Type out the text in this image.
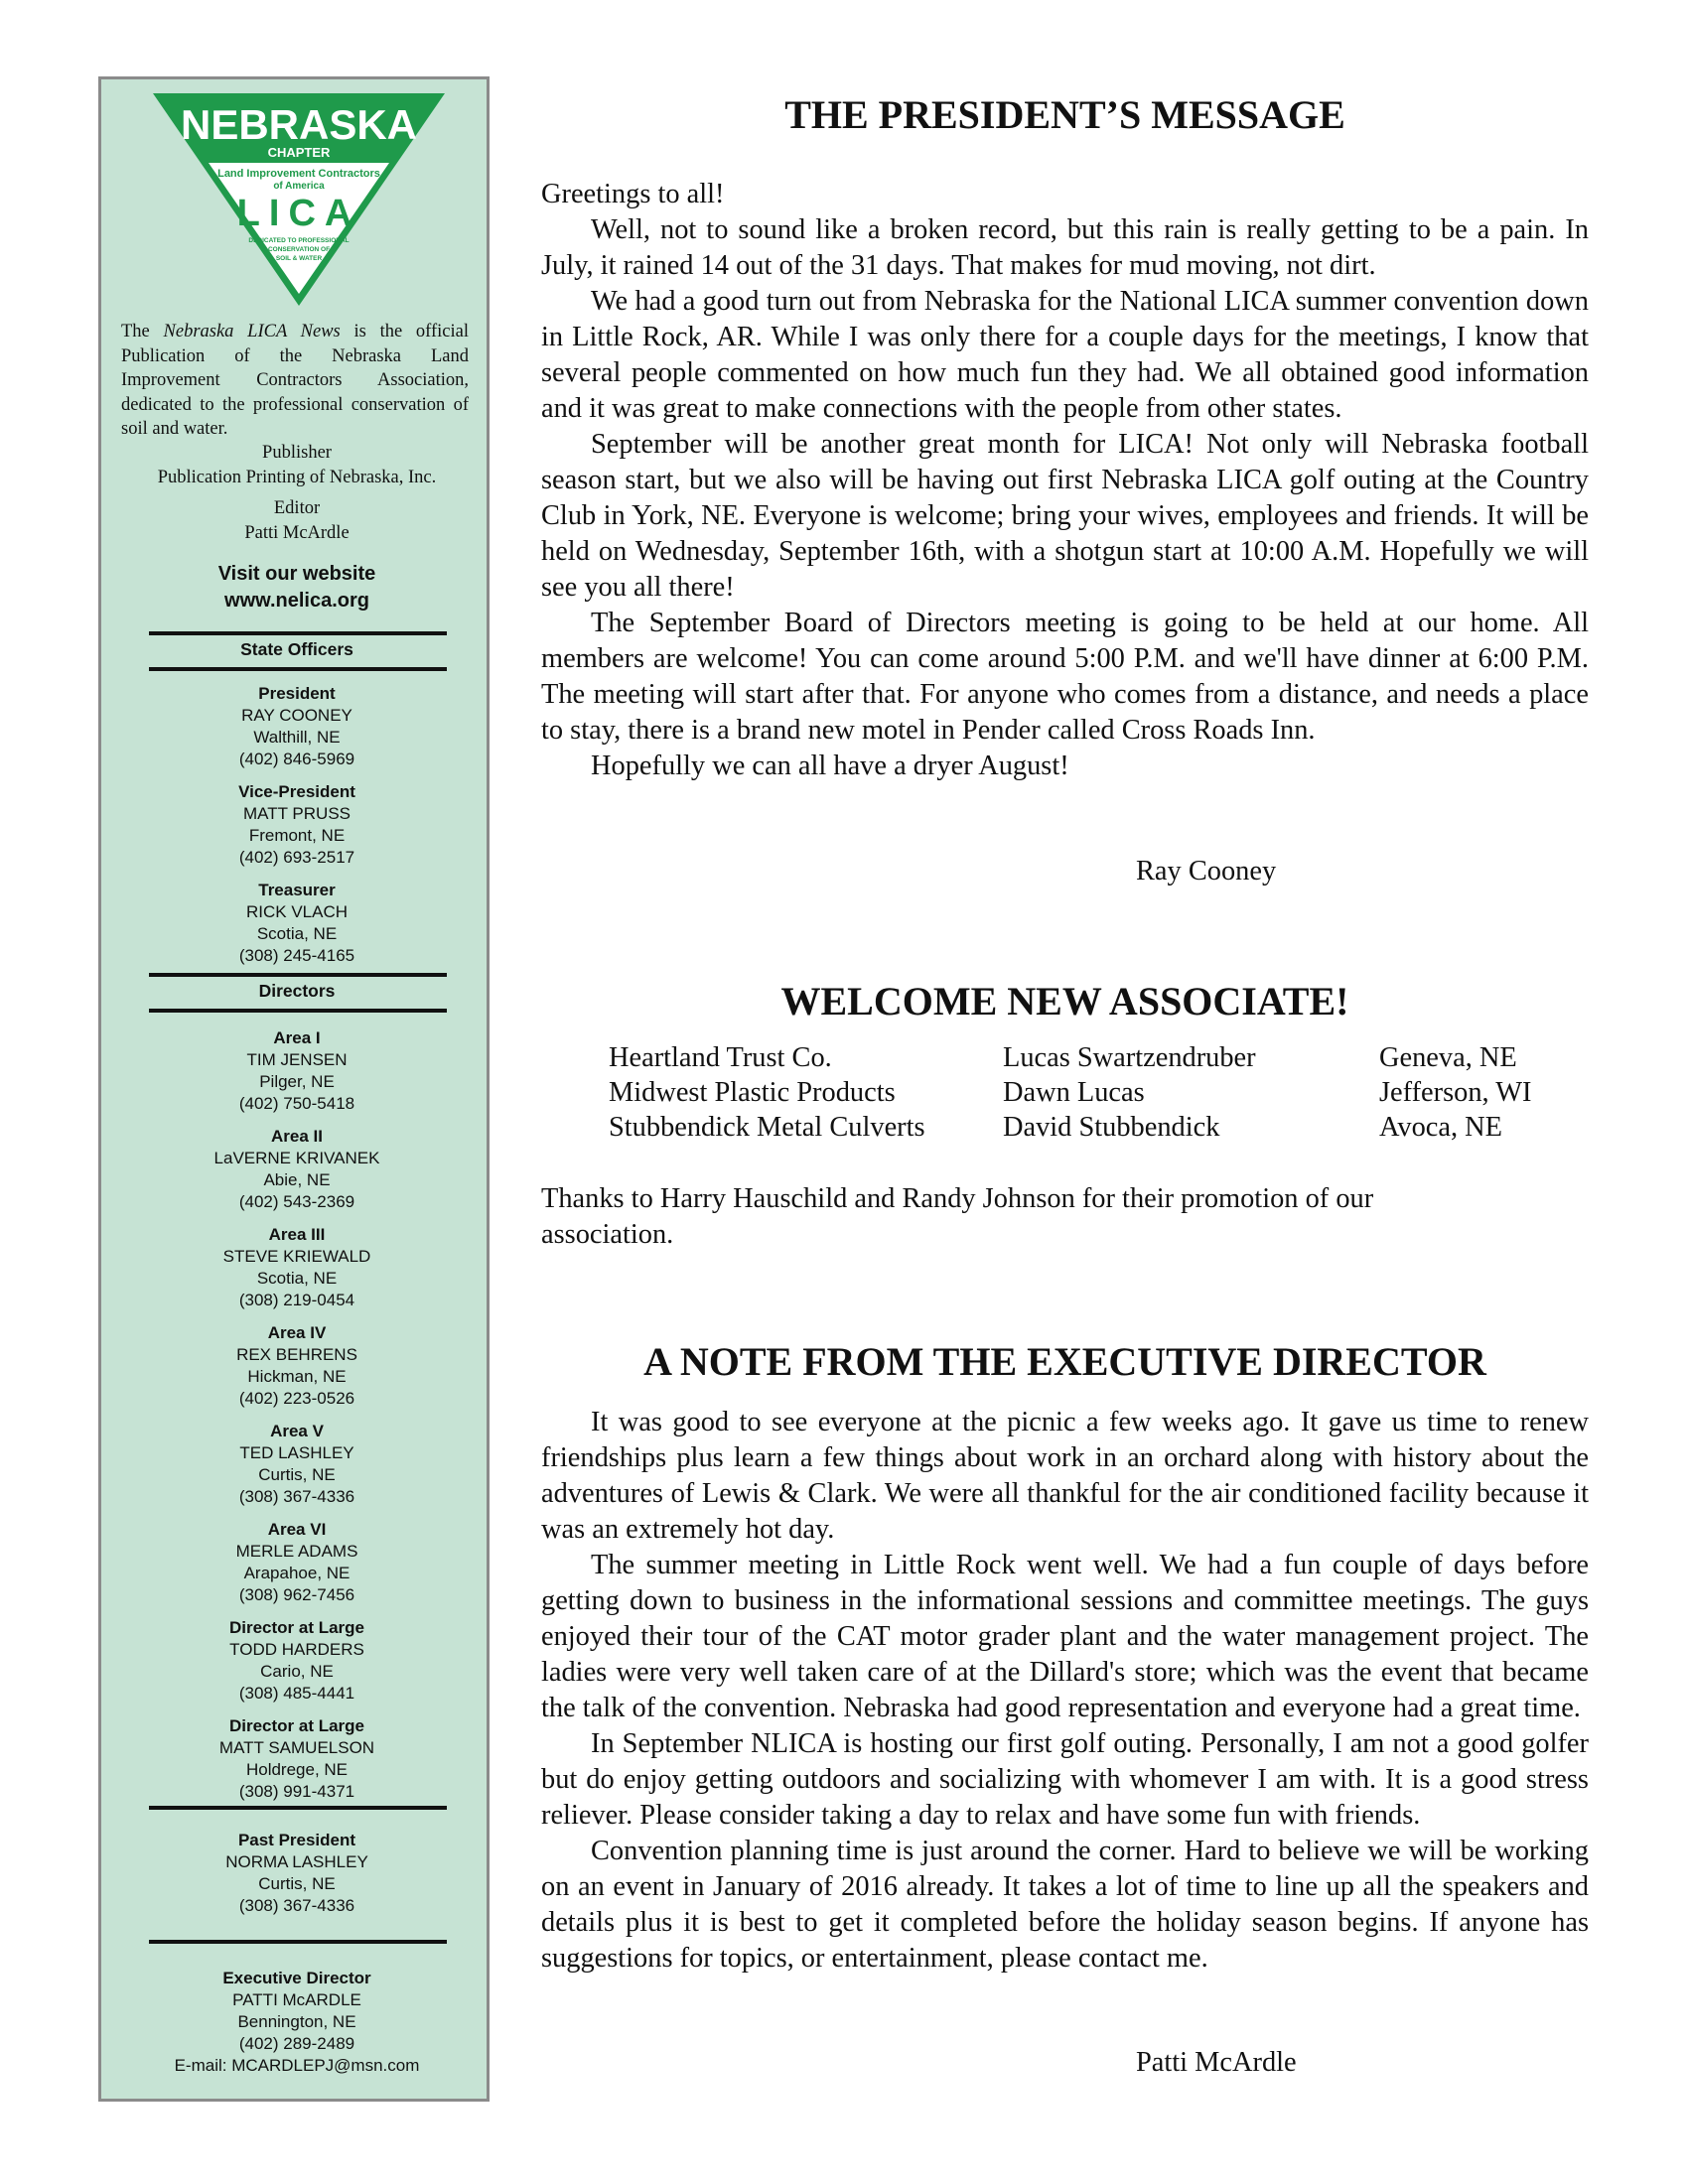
NEBRASKA
CHAPTER
Land Improvement Contractors
of America
LICA
DEDICATED TO PROFESSIONAL
CONSERVATION OF
SOIL & WATER
The Nebraska LICA News is the official Publication of the Nebraska Land Improvement Contractors Association, dedicated to the professional conservation of soil and water.
Publisher
Publication Printing of Nebraska, Inc.
Editor
Patti McArdle
Visit our website
www.nelica.org
State Officers
President
RAY COONEY
Walthill, NE
(402) 846-5969
Vice-President
MATT PRUSS
Fremont, NE
(402) 693-2517
Treasurer
RICK VLACH
Scotia, NE
(308) 245-4165
Directors
Area I
TIM JENSEN
Pilger, NE
(402) 750-5418
Area II
LaVERNE KRIVANEK
Abie, NE
(402) 543-2369
Area III
STEVE KRIEWALD
Scotia, NE
(308) 219-0454
Area IV
REX BEHRENS
Hickman, NE
(402) 223-0526
Area V
TED LASHLEY
Curtis, NE
(308) 367-4336
Area VI
MERLE ADAMS
Arapahoe, NE
(308) 962-7456
Director at Large
TODD HARDERS
Cario, NE
(308) 485-4441
Director at Large
MATT SAMUELSON
Holdrege, NE
(308) 991-4371
Past President
NORMA LASHLEY
Curtis, NE
(308) 367-4336
Executive Director
PATTI McARDLE
Bennington, NE
(402) 289-2489
E-mail: MCARDLEPJ@msn.com
THE PRESIDENT’S MESSAGE

Greetings to all!

Well, not to sound like a broken record, but this rain is really getting to be a pain. In July, it rained 14 out of the 31 days. That makes for mud moving, not dirt.

We had a good turn out from Nebraska for the National LICA summer convention down in Little Rock, AR. While I was only there for a couple days for the meetings, I know that several people commented on how much fun they had. We all obtained good information and it was great to make connections with the people from other states.

September will be another great month for LICA! Not only will Nebraska football season start, but we also will be having out first Nebraska LICA golf outing at the Country Club in York, NE. Everyone is welcome; bring your wives, employees and friends. It will be held on Wednesday, September 16th, with a shotgun start at 10:00 A.M. Hopefully we will see you all there!

The September Board of Directors meeting is going to be held at our home. All members are welcome! You can come around 5:00 P.M. and we'll have dinner at 6:00 P.M. The meeting will start after that. For anyone who comes from a distance, and needs a place to stay, there is a brand new motel in Pender called Cross Roads Inn.

Hopefully we can all have a dryer August!

Ray Cooney
WELCOME NEW ASSOCIATE!
Heartland Trust Co.	Lucas Swartzendruber	Geneva, NE
Midwest Plastic Products	Dawn Lucas	Jefferson, WI
Stubbendick Metal Culverts	David Stubbendick	Avoca, NE
Thanks to Harry Hauschild and Randy Johnson for their promotion of our association.
A NOTE FROM THE EXECUTIVE DIRECTOR

It was good to see everyone at the picnic a few weeks ago. It gave us time to renew friendships plus learn a few things about work in an orchard along with history about the adventures of Lewis & Clark. We were all thankful for the air conditioned facility because it was an extremely hot day.

The summer meeting in Little Rock went well. We had a fun couple of days before getting down to business in the informational sessions and committee meetings. The guys enjoyed their tour of the CAT motor grader plant and the water management project. The ladies were very well taken care of at the Dillard's store; which was the event that became the talk of the convention. Nebraska had good representation and everyone had a great time.

In September NLICA is hosting our first golf outing. Personally, I am not a good golfer but do enjoy getting outdoors and socializing with whomever I am with. It is a good stress reliever. Please consider taking a day to relax and have some fun with friends.

Convention planning time is just around the corner. Hard to believe we will be working on an event in January of 2016 already. It takes a lot of time to line up all the speakers and details plus it is best to get it completed before the holiday season begins. If anyone has suggestions for topics, or entertainment, please contact me.

Patti McArdle
